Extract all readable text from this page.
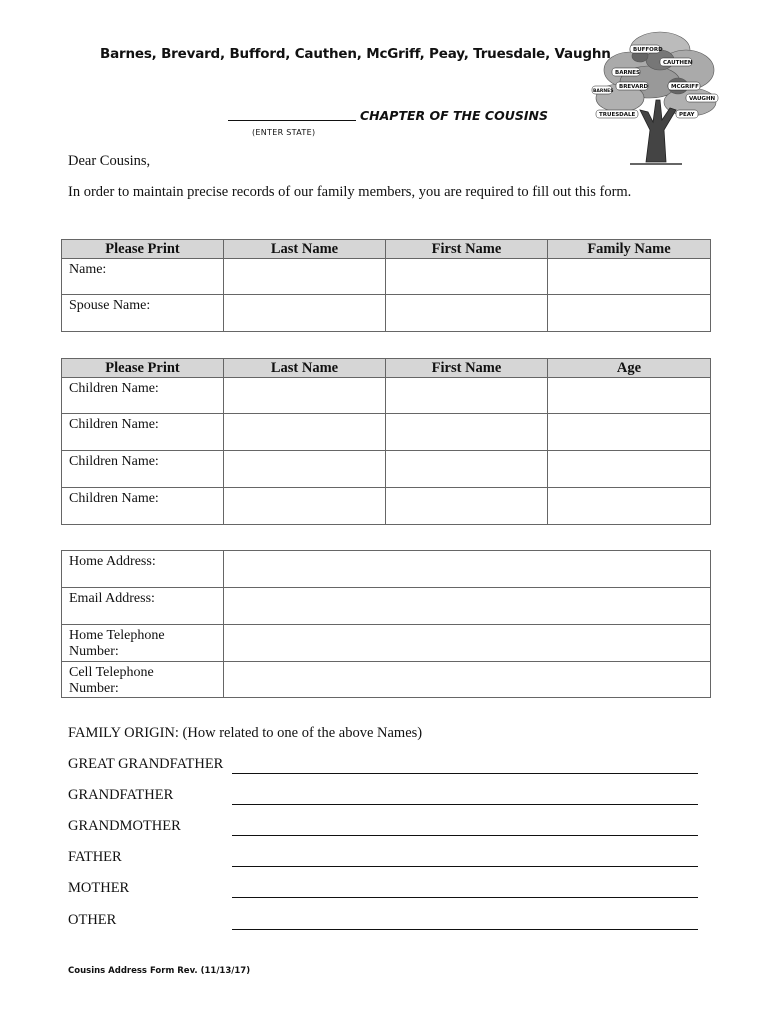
Barnes, Brevard, Bufford, Cauthen, McGriff, Peay, Truesdale, Vaughn
CHAPTER OF THE COUSINS
(ENTER STATE)
BUFFORD
CAUTHEN
BARNES
BREVARD	MCGRIFF
VAUGHN
TRUESDALE	PEAY
BARNES
Dear Cousins,
In order to maintain precise records of our family members, you are required to fill out this form.
Please Print	Last Name	First Name	Family Name

Name:			

Spouse Name:			

Please Print	Last Name	First Name	Age

Children Name:			

Children Name:			

Children Name:			

Children Name:			

Home Address:	

Email Address:	

Home Telephone Number:	

Cell Telephone Number:	

FAMILY ORIGIN: (How related to one of the above Names)
GREAT GRANDFATHER
GRANDFATHER
GRANDMOTHER
FATHER
MOTHER
OTHER
Cousins Address Form Rev. (11/13/17)
